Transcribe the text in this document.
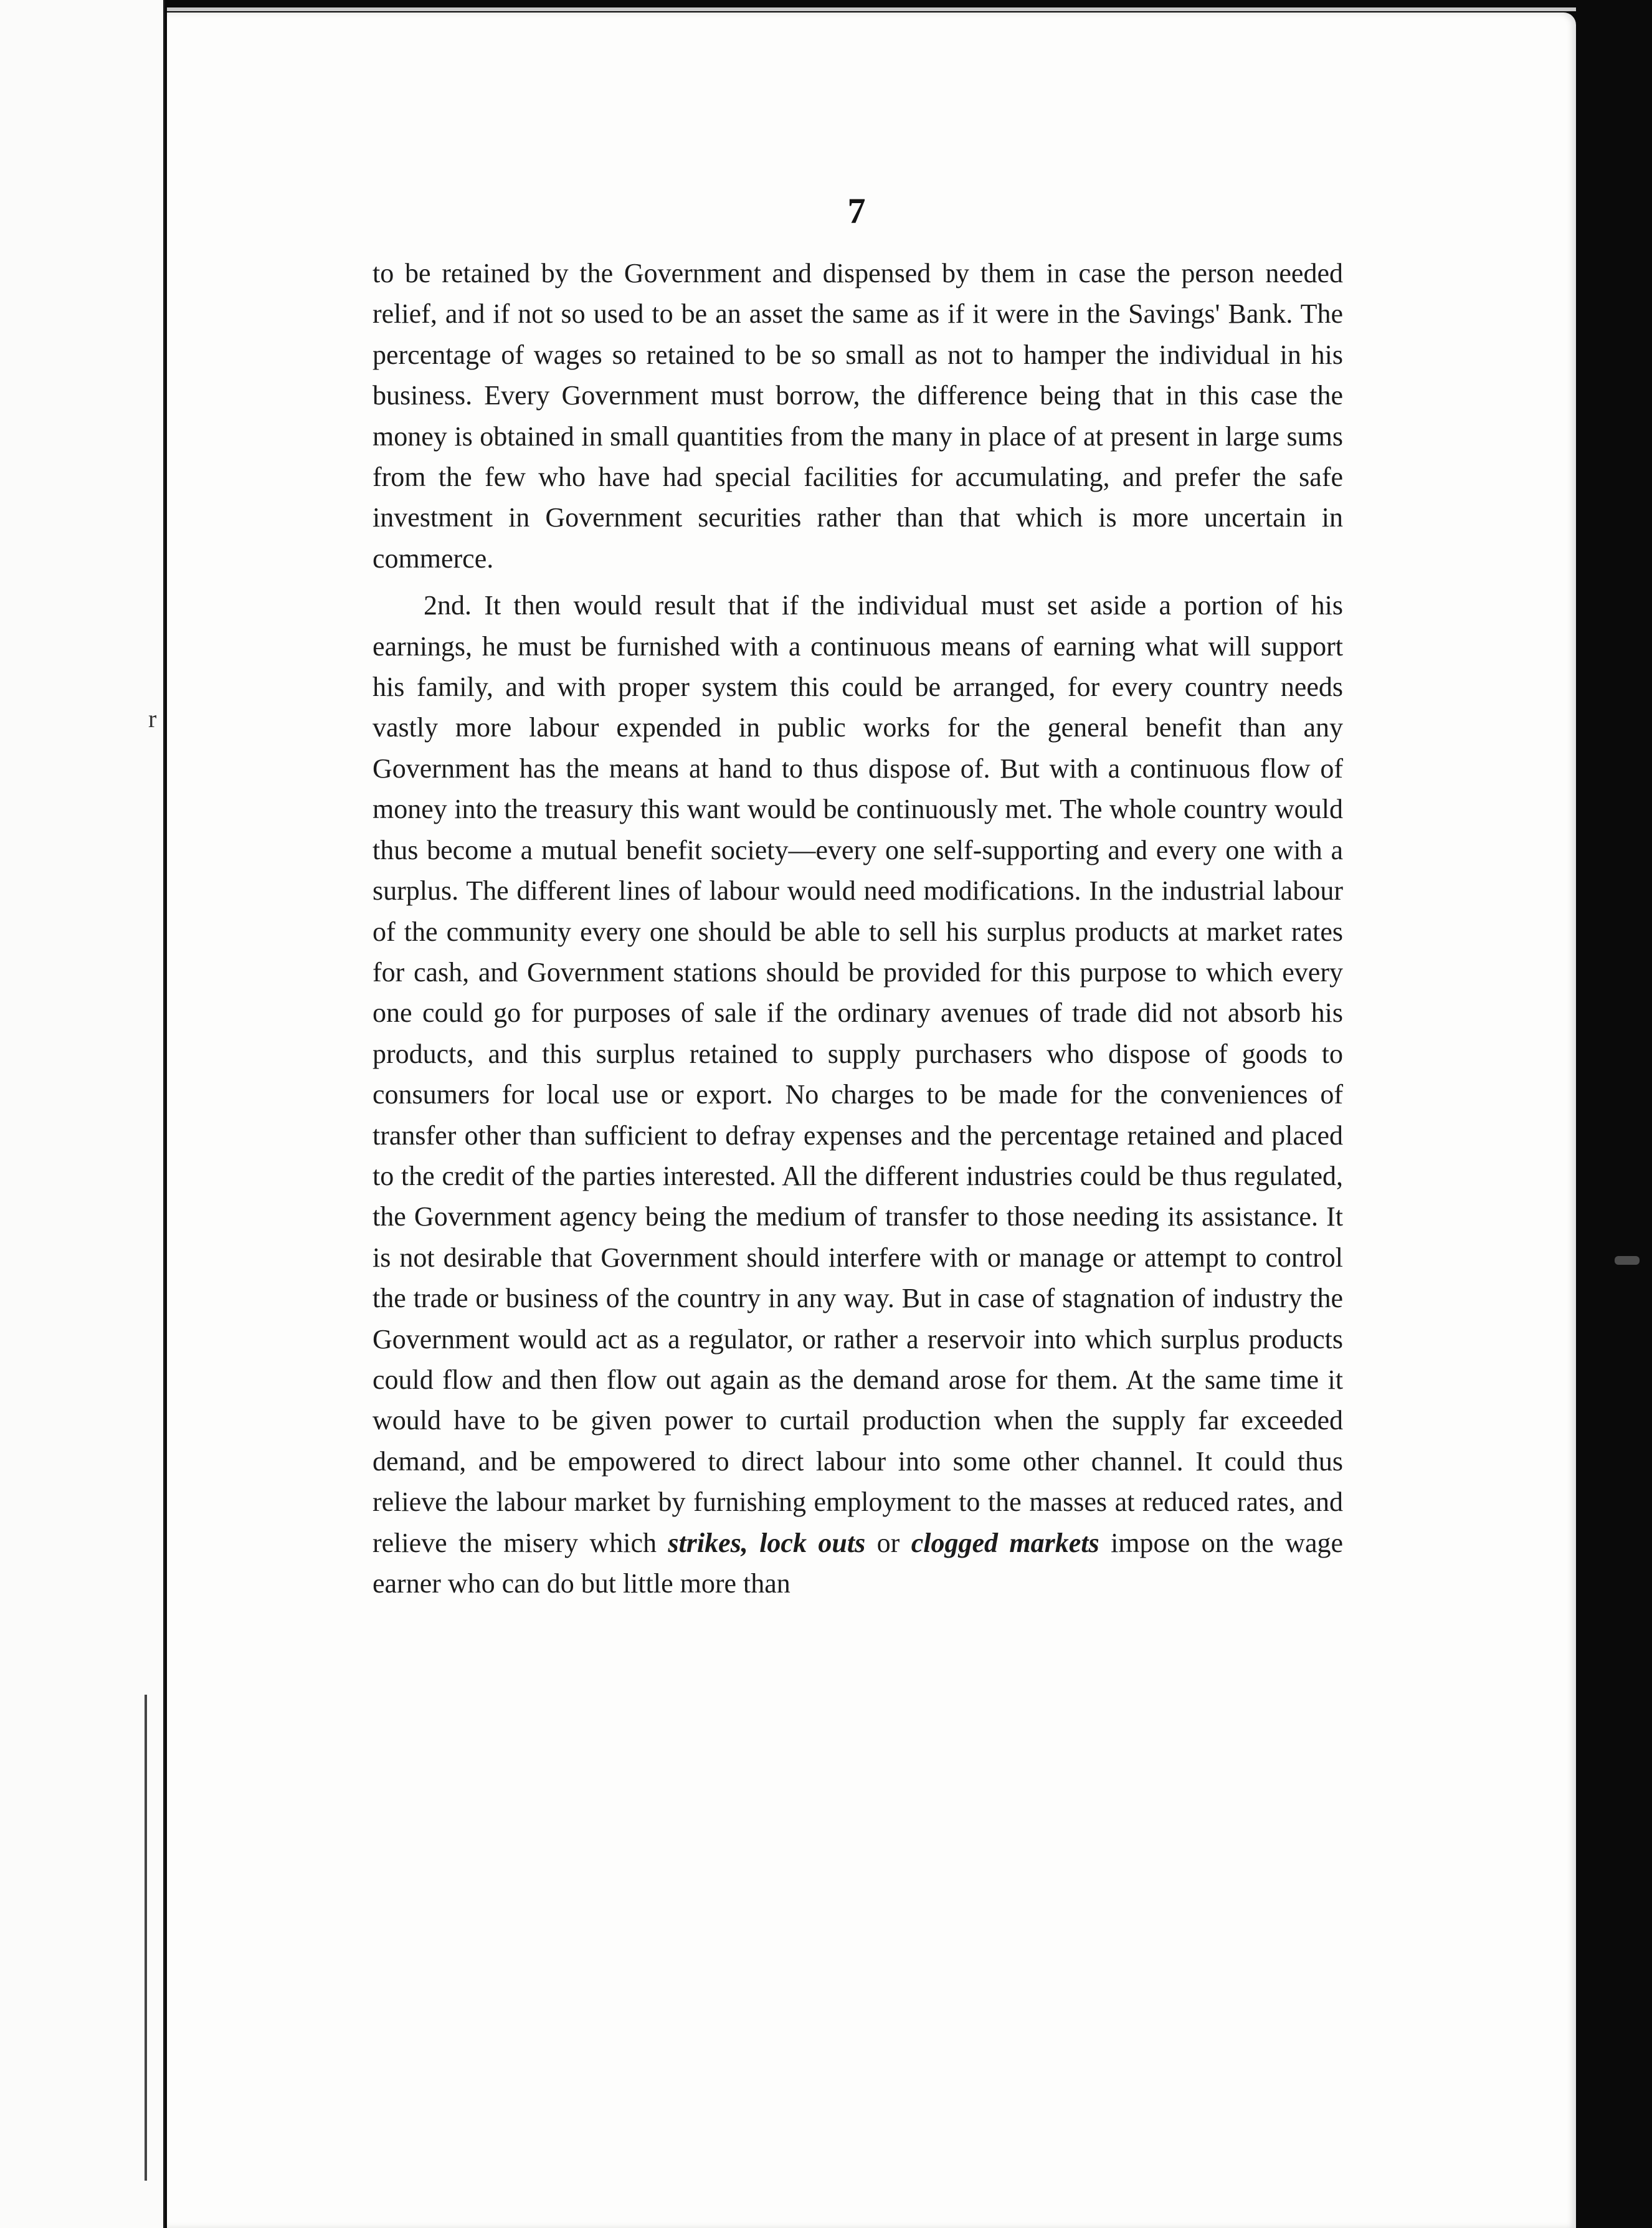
r
7

to be retained by the Government and dispensed by them in case the person needed relief, and if not so used to be an asset the same as if it were in the Savings' Bank. The percentage of wages so retained to be so small as not to hamper the individual in his business. Every Government must borrow, the difference being that in this case the money is obtained in small quantities from the many in place of at present in large sums from the few who have had special facilities for accumulating, and prefer the safe investment in Government securities rather than that which is more uncertain in commerce.

2nd. It then would result that if the individual must set aside a portion of his earnings, he must be furnished with a continuous means of earning what will support his family, and with proper system this could be arranged, for every country needs vastly more labour expended in public works for the general benefit than any Government has the means at hand to thus dispose of. But with a continuous flow of money into the treasury this want would be continuously met. The whole country would thus become a mutual benefit society—every one self-supporting and every one with a surplus. The different lines of labour would need modifications. In the industrial labour of the community every one should be able to sell his surplus products at market rates for cash, and Government stations should be provided for this purpose to which every one could go for purposes of sale if the ordinary avenues of trade did not absorb his products, and this surplus retained to supply purchasers who dispose of goods to consumers for local use or export. No charges to be made for the conveniences of transfer other than sufficient to defray expenses and the percentage retained and placed to the credit of the parties interested. All the different industries could be thus regulated, the Government agency being the medium of transfer to those needing its assistance. It is not desirable that Government should interfere with or manage or attempt to control the trade or business of the country in any way. But in case of stagnation of industry the Government would act as a regulator, or rather a reservoir into which surplus products could flow and then flow out again as the demand arose for them. At the same time it would have to be given power to curtail production when the supply far exceeded demand, and be empowered to direct labour into some other channel. It could thus relieve the labour market by furnishing employment to the masses at reduced rates, and relieve the misery which strikes, lock outs or clogged markets impose on the wage earner who can do but little more than
